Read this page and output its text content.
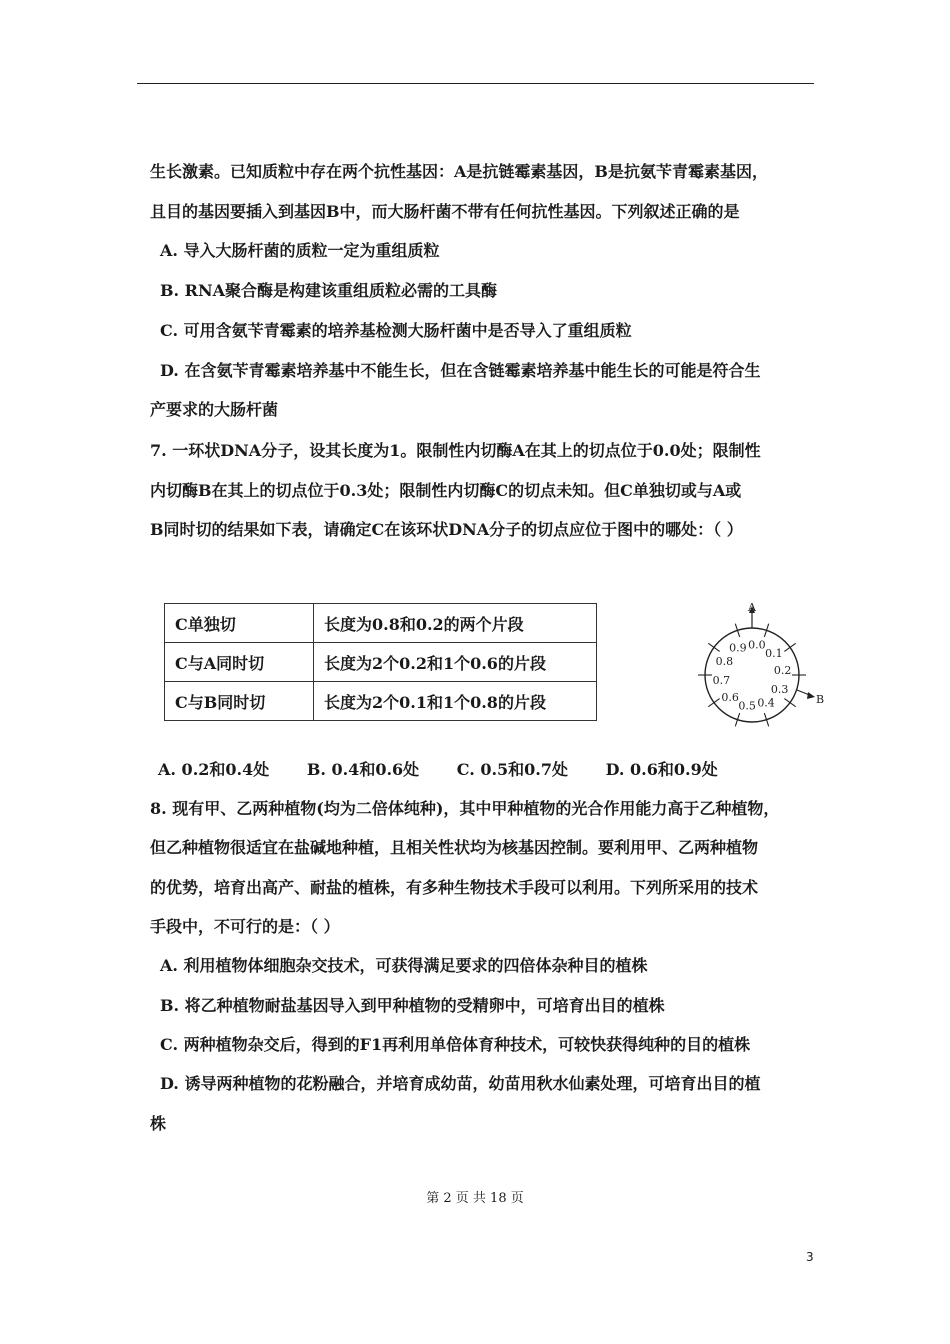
生长激素。已知质粒中存在两个抗性基因：A是抗链霉素基因，B是抗氨苄青霉素基因，
且目的基因要插入到基因B中，而大肠杆菌不带有任何抗性基因。下列叙述正确的是
A. 导入大肠杆菌的质粒一定为重组质粒
B. RNA聚合酶是构建该重组质粒必需的工具酶
C. 可用含氨苄青霉素的培养基检测大肠杆菌中是否导入了重组质粒
D. 在含氨苄青霉素培养基中不能生长，但在含链霉素培养基中能生长的可能是符合生
产要求的大肠杆菌
7. 一环状DNA分子，设其长度为1。限制性内切酶A在其上的切点位于0.0处；限制性
内切酶B在其上的切点位于0.3处；限制性内切酶C的切点未知。但C单独切或与A或
B同时切的结果如下表，请确定C在该环状DNA分子的切点应位于图中的哪处：（ ）
C单独切	长度为0.8和0.2的两个片段
C与A同时切	长度为2个0.2和1个0.6的片段
C与B同时切	长度为2个0.1和1个0.8的片段
A
B
0.0
0.1
0.2
0.3
0.4
0.5
0.6
0.7
0.8
0.9
A. 0.2和0.4处 B. 0.4和0.6处 C. 0.5和0.7处 D. 0.6和0.9处
8. 现有甲、乙两种植物(均为二倍体纯种)，其中甲种植物的光合作用能力高于乙种植物，
但乙种植物很适宜在盐碱地种植，且相关性状均为核基因控制。要利用甲、乙两种植物
的优势，培育出高产、耐盐的植株，有多种生物技术手段可以利用。下列所采用的技术
手段中，不可行的是：（ ）
A. 利用植物体细胞杂交技术，可获得满足要求的四倍体杂种目的植株
B. 将乙种植物耐盐基因导入到甲种植物的受精卵中，可培育出目的植株
C. 两种植物杂交后，得到的F1再利用单倍体育种技术，可较快获得纯种的目的植株
D. 诱导两种植物的花粉融合，并培育成幼苗，幼苗用秋水仙素处理，可培育出目的植
株
第 2 页 共 18 页
3
